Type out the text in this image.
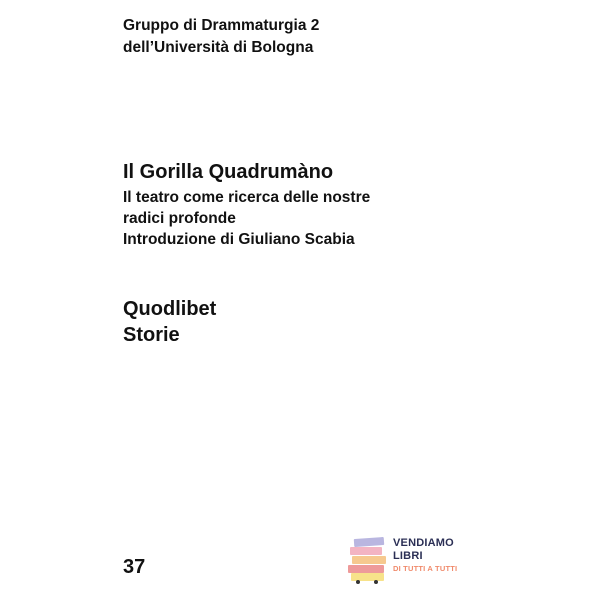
Gruppo di Drammaturgia 2
dell’Università di Bologna
Il Gorilla Quadrumàno
Il teatro come ricerca delle nostre
radici profonde
Introduzione di Giuliano Scabia
Quodlibet
Storie
37
VENDIAMO
LIBRI
DI TUTTI A TUTTI
